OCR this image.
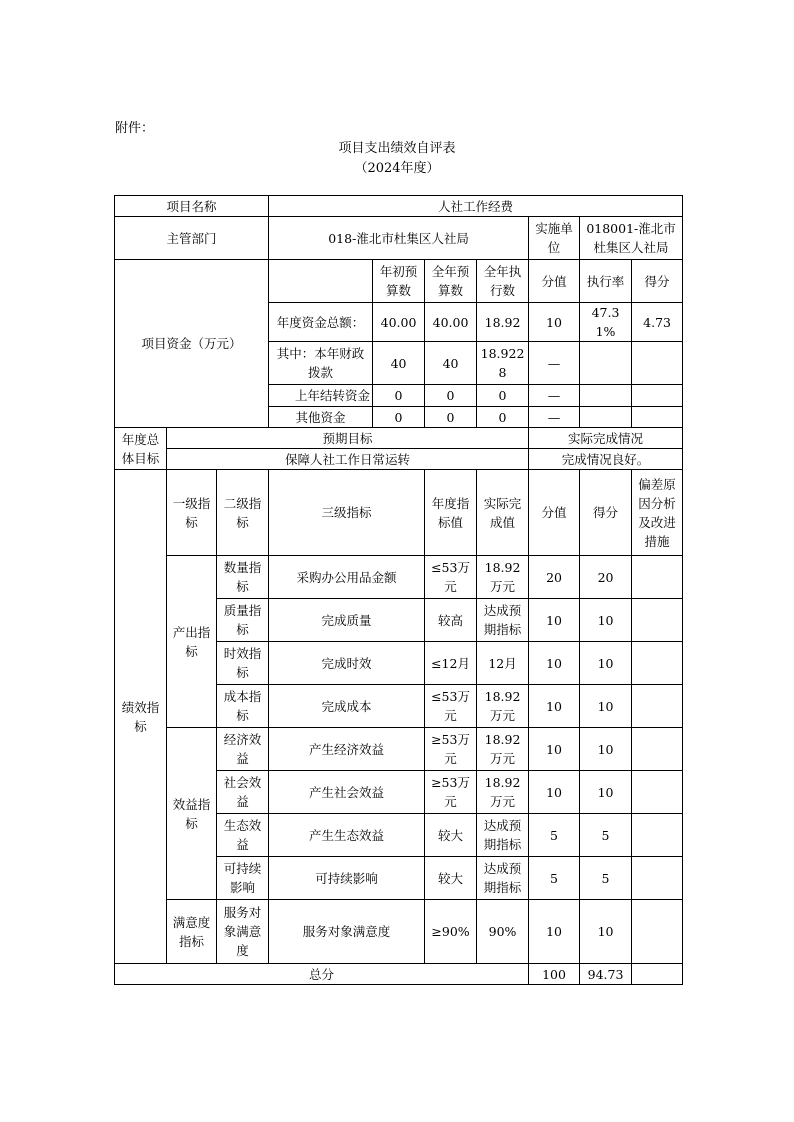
附件：
项目支出绩效自评表
（2024年度）
项目名称			人社工作经费						
主管部门			018-淮北市杜集区人社局				实施单位	018001-淮北市杜集区人社局	
项目资金（万元）				年初预算数	全年预算数	全年执行数	分值	执行率	得分
			年度资金总额：	40.00	40.00	18.92	10	47.31%	4.73
			其中：本年财政拨款	40	40	18.9228	—		
			上年结转资金	0	0	0	—		
			其他资金	0	0	0	—		
年度总体目标	预期目标						实际完成情况		
	保障人社工作日常运转						完成情况良好。		
绩效指标	一级指标	二级指标	三级指标		年度指标值	实际完成值	分值	得分	偏差原因分析及改进措施
	产出指标	数量指标	采购办公用品金额		≤53万元	18.92万元	20	20	
		质量指标	完成质量		较高	达成预期指标	10	10	
		时效指标	完成时效		≤12月	12月	10	10	
		成本指标	完成成本		≤53万元	18.92万元	10	10	
	效益指标	经济效益	产生经济效益		≥53万元	18.92万元	10	10	
		社会效益	产生社会效益		≥53万元	18.92万元	10	10	
		生态效益	产生生态效益		较大	达成预期指标	5	5	
		可持续影响	可持续影响		较大	达成预期指标	5	5	
	满意度指标	服务对象满意度	服务对象满意度		≥90%	90%	10	10	
总分							100	94.73	
